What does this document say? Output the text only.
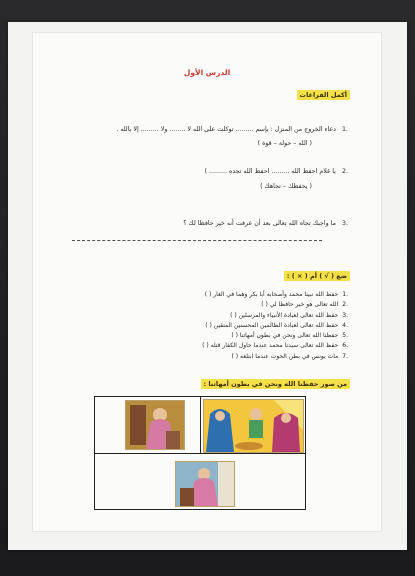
الدرس الأول
أكمل الفراغات
.1 دعاء الخروج من المنزل : بإسم ......... توكلت على الله لا ........ ولا ......... إلا بالله .
( الله – حولة – قوة )
.2 يا غلام احفظ الله ......... احفظ الله تجده ......... )
( يحفظك – تجاهك )
.3 ما واجبك تجاه الله تعالى بعد أن عرفت أنه خير حافظا لك ؟
ضع ( √ ) أم ( × ) :
.1حفظ الله نبينا محمد وأصحابه أبا بكر وهما في الغار ( )
.2الله تعالى هو خير حافظا لي ( )
.3حفظ الله تعالى لعبادة الأنبياء والمرسلين ( )
.4حفظ الله تعالى لعبادة الظالمين المحسنين المتقين ( )
.5حفظنا الله تعالى ونحن في بطون أمهاتنا ( )
.6حفظ الله تعالى سيدنا محمد عندما حاول الكفار قتله ( )
.7مات يونس في بطن الحوت عندما ابتلعه ( )
من صور حفظنا الله ونحن في بطون أمهاتنا :
